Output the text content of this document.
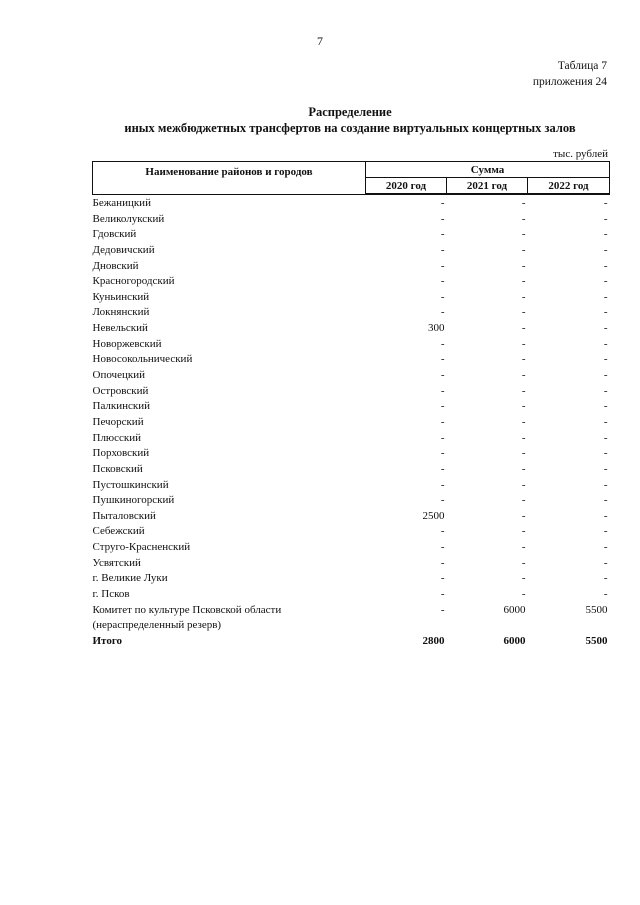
7
Таблица 7
приложения 24
Распределение
иных межбюджетных трансфертов на создание виртуальных концертных залов
тыс. рублей
Наименование районов и городов	Сумма		
	2020 год	2021 год	2022 год
Бежаницкий	-	-	-
Великолукский	-	-	-
Гдовский	-	-	-
Дедовичский	-	-	-
Дновский	-	-	-
Красногородский	-	-	-
Куньинский	-	-	-
Локнянский	-	-	-
Невельский	300	-	-
Новоржевский	-	-	-
Новосокольнический	-	-	-
Опочецкий	-	-	-
Островский	-	-	-
Палкинский	-	-	-
Печорский	-	-	-
Плюсский	-	-	-
Порховский	-	-	-
Псковский	-	-	-
Пустошкинский	-	-	-
Пушкиногорский	-	-	-
Пыталовский	2500	-	-
Себежский	-	-	-
Струго-Красненский	-	-	-
Усвятский	-	-	-
г. Великие Луки	-	-	-
г. Псков	-	-	-
Комитет по культуре Псковской области	-	6000	5500
(нераспределенный резерв)			
Итого	2800	6000	5500
